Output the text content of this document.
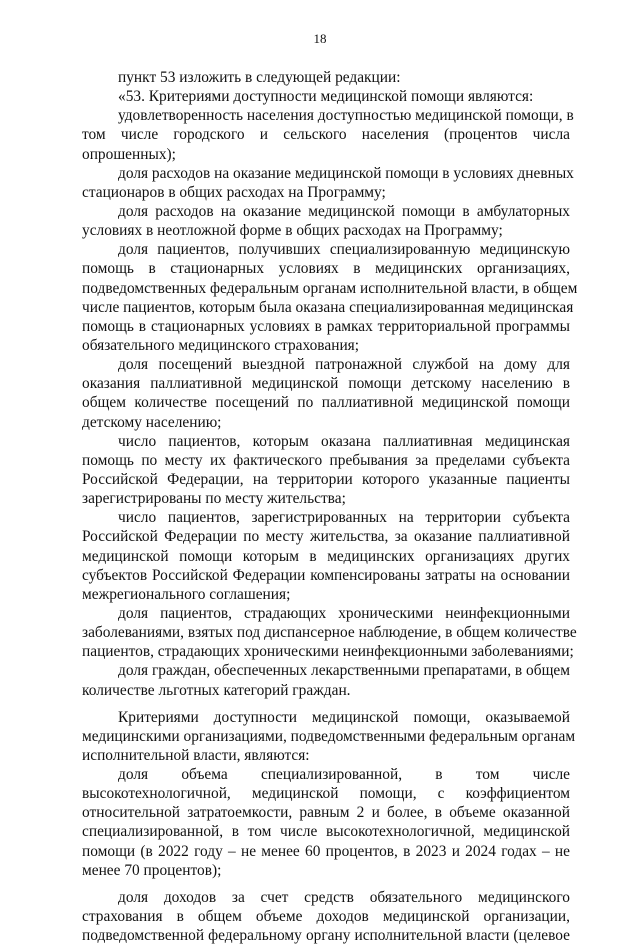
18
пункт 53 изложить в следующей редакции:
«53. Критериями доступности медицинской помощи являются:
удовлетворенность населения доступностью медицинской помощи, в
том числе городского и сельского населения (процентов числа
опрошенных);
доля расходов на оказание медицинской помощи в условиях дневных
стационаров в общих расходах на Программу;
доля расходов на оказание медицинской помощи в амбулаторных
условиях в неотложной форме в общих расходах на Программу;
доля пациентов, получивших специализированную медицинскую
помощь в стационарных условиях в медицинских организациях,
подведомственных федеральным органам исполнительной власти, в общем
числе пациентов, которым была оказана специализированная медицинская
помощь в стационарных условиях в рамках территориальной программы
обязательного медицинского страхования;
доля посещений выездной патронажной службой на дому для
оказания паллиативной медицинской помощи детскому населению в
общем количестве посещений по паллиативной медицинской помощи
детскому населению;
число пациентов, которым оказана паллиативная медицинская
помощь по месту их фактического пребывания за пределами субъекта
Российской Федерации, на территории которого указанные пациенты
зарегистрированы по месту жительства;
число пациентов, зарегистрированных на территории субъекта
Российской Федерации по месту жительства, за оказание паллиативной
медицинской помощи которым в медицинских организациях других
субъектов Российской Федерации компенсированы затраты на основании
межрегионального соглашения;
доля пациентов, страдающих хроническими неинфекционными
заболеваниями, взятых под диспансерное наблюдение, в общем количестве
пациентов, страдающих хроническими неинфекционными заболеваниями;
доля граждан, обеспеченных лекарственными препаратами, в общем
количестве льготных категорий граждан.
Критериями доступности медицинской помощи, оказываемой
медицинскими организациями, подведомственными федеральным органам
исполнительной власти, являются:
доля объема специализированной, в том числе
высокотехнологичной, медицинской помощи, с коэффициентом
относительной затратоемкости, равным 2 и более, в объеме оказанной
специализированной, в том числе высокотехнологичной, медицинской
помощи (в 2022 году – не менее 60 процентов, в 2023 и 2024 годах – не
менее 70 процентов);
доля доходов за счет средств обязательного медицинского
страхования в общем объеме доходов медицинской организации,
подведомственной федеральному органу исполнительной власти (целевое
